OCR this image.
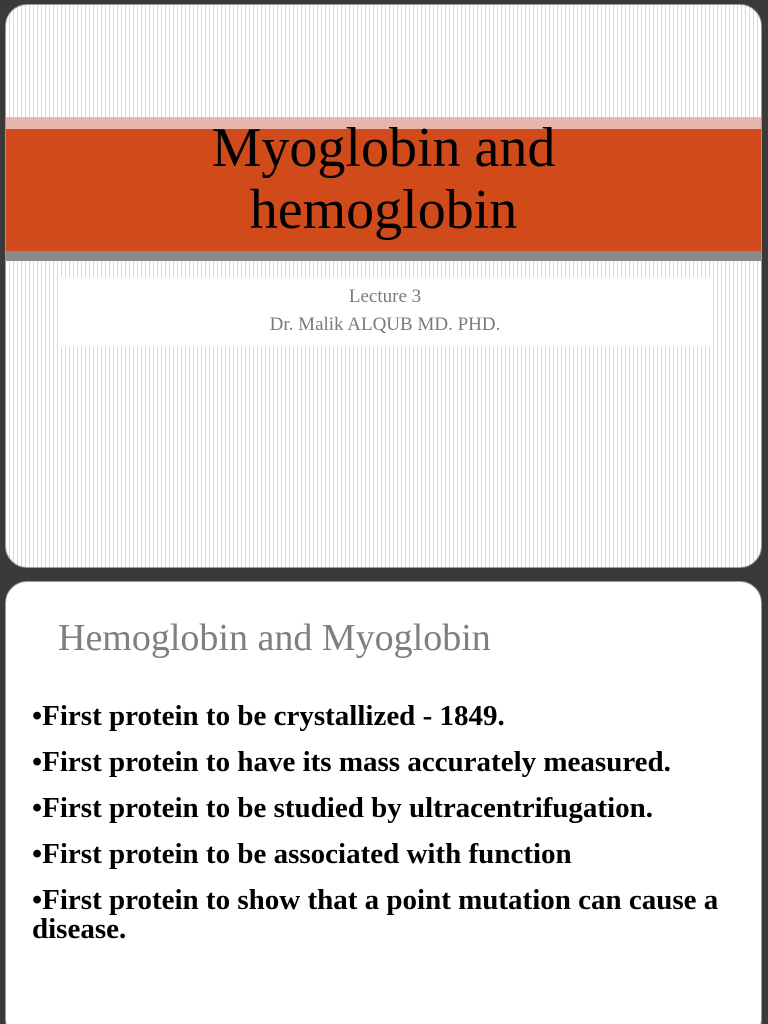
Myoglobin and
hemoglobin
Lecture 3
Dr. Malik ALQUB MD. PHD.
Hemoglobin and Myoglobin
•First protein to be crystallized - 1849.
•First protein to have its mass accurately measured.
•First protein to be studied by ultracentrifugation.
•First protein to be associated with function
•First protein to show that a point mutation can cause a disease.
